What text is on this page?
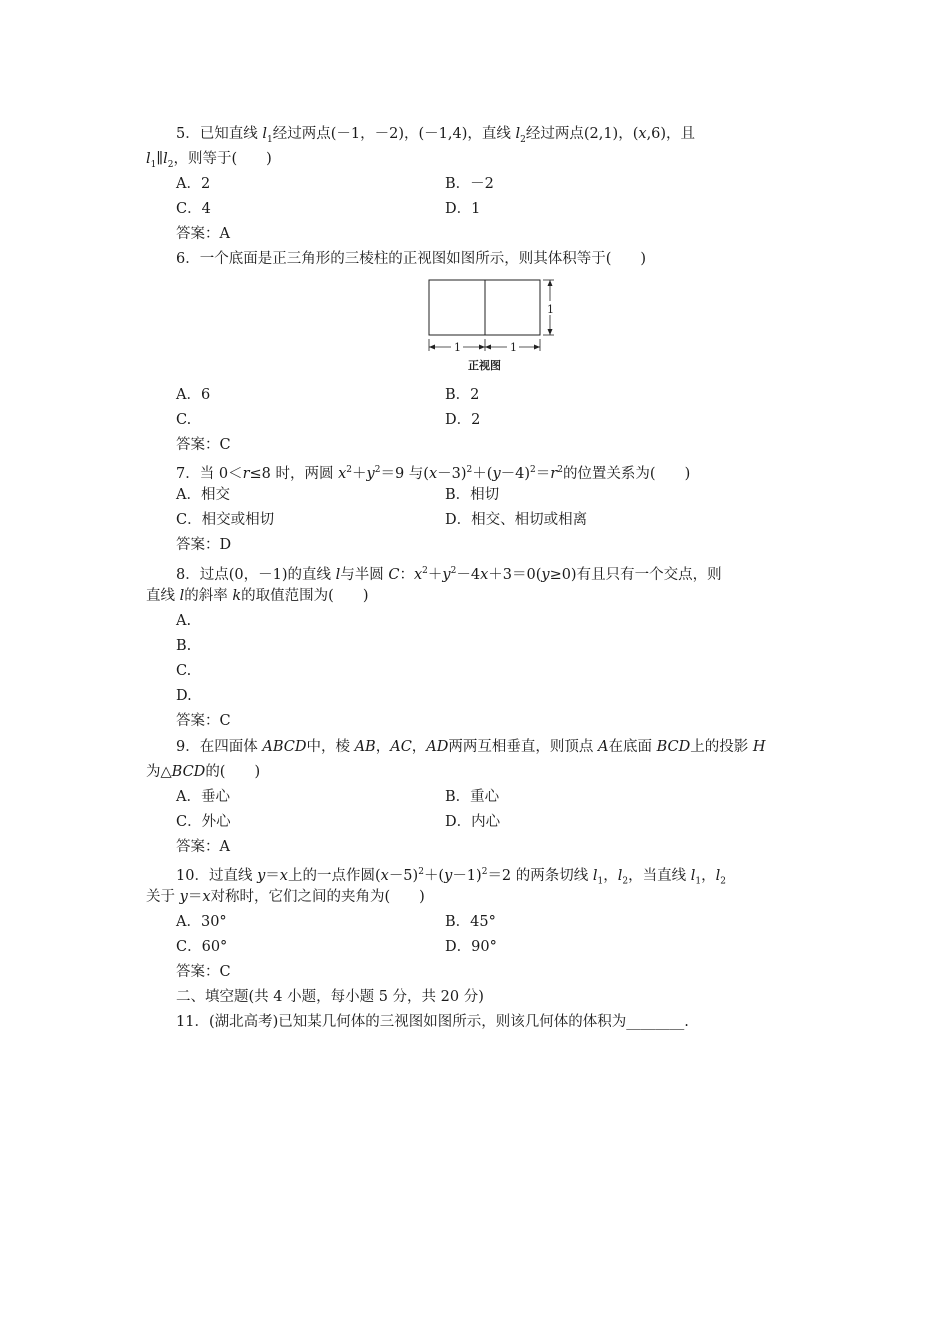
5．已知直线 $l_1$经过两点(－1，－2)，(－1,4)，直线 $l_2$经过两点(2,1)，(x,6)，且
$l_1\parallel l_2$，则等于(　　)
A．2	B．－2
C．4	D．1
答案：A
6．一个底面是正三角形的三棱柱的正视图如图所示，则其体积等于(　　)
1
1	1
正视图
A．6	B．2
C.	D．2
答案：C
7．当 0＜r≤8 时，两圆 $x^2+y^2=9$ 与$(x-3)^2+(y-4)^2=r^2$的位置关系为(　　)
A．相交	B．相切
C．相交或相切	D．相交、相切或相离
答案：D
8．过点(0，－1)的直线 l与半圆 C：$x^2+y^2-4x+3=0(y\ge 0)$有且只有一个交点，则
直线 l的斜率 k的取值范围为(　　)
A.
B.
C.
D.
答案：C
9．在四面体 ABCD中，棱 AB，AC，AD两两互相垂直，则顶点 A在底面 BCD上的投影 H
为△BCD的(　　)
A．垂心	B．重心
C．外心	D．内心
答案：A
10．过直线 y＝x上的一点作圆$(x-5)^2+(y-1)^2=2$ 的两条切线 $l_1$，$l_2$，当直线 $l_1$，$l_2$
关于 y＝x对称时，它们之间的夹角为(　　)
A．30°	B．45°
C．60°	D．90°
答案：C
二、填空题(共 4 小题，每小题 5 分，共 20 分)
11．(湖北高考)已知某几何体的三视图如图所示，则该几何体的体积为________.
